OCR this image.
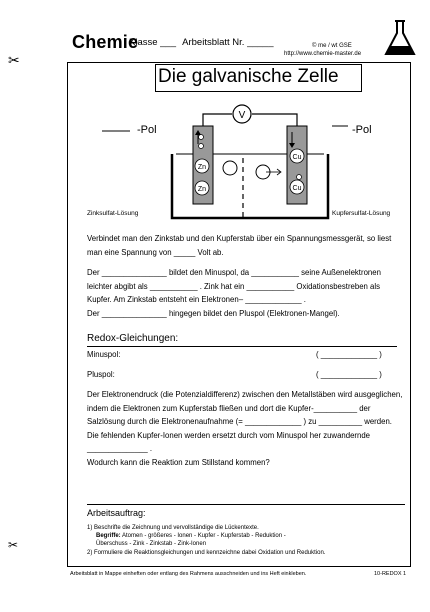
Chemie
Klasse ___ Arbeitsblatt Nr. _____	© me / wt GSE
http://www.chemie-master.de
✂
Die galvanische Zelle
V
Zn
Zn
Cu
Cu
-Pol	-Pol
Zinksulfat-Lösung	Kupfersulfat-Lösung
Verbindet man den Zinkstab und den Kupferstab über ein Spannungsmessgerät, so liest man eine Spannung von _____ Volt ab.
Der _______________ bildet den Minuspol, da ___________ seine Außenelektronen leichter abgibt als ___________ . Zink hat ein ___________ Oxidationsbestreben als Kupfer. Am Zinkstab entsteht ein Elektronen– _____________ .
Der _______________ hingegen bildet den Pluspol (Elektronen-Mangel).
Redox-Gleichungen:
Minuspol:	( _____________ )
Pluspol:	( _____________ )
Der Elektronendruck (die Potenzialdifferenz) zwischen den Metallstäben wird ausgeglichen, indem die Elektronen zum Kupferstab fließen und dort die Kupfer-__________ der Salzlösung durch die Elektronenaufnahme (= _____________ ) zu __________ werden. Die fehlenden Kupfer-Ionen werden ersetzt durch vom Minuspol her zuwandernde ______________ .
Wodurch kann die Reaktion zum Stillstand kommen?
Arbeitsauftrag:
1) Beschrifte die Zeichnung und vervollständige die Lückentexte.
Begriffe: Atomen - größeres - Ionen - Kupfer - Kupferstab - Reduktion - Überschuss - Zink - Zinkstab - Zink-Ionen
2) Formuliere die Reaktionsgleichungen und kennzeichne dabei Oxidation und Reduktion.
✂
Arbeitsblatt in Mappe einheften oder entlang des Rahmens ausschneiden und ins Heft einkleben.	10-REDOX 1
